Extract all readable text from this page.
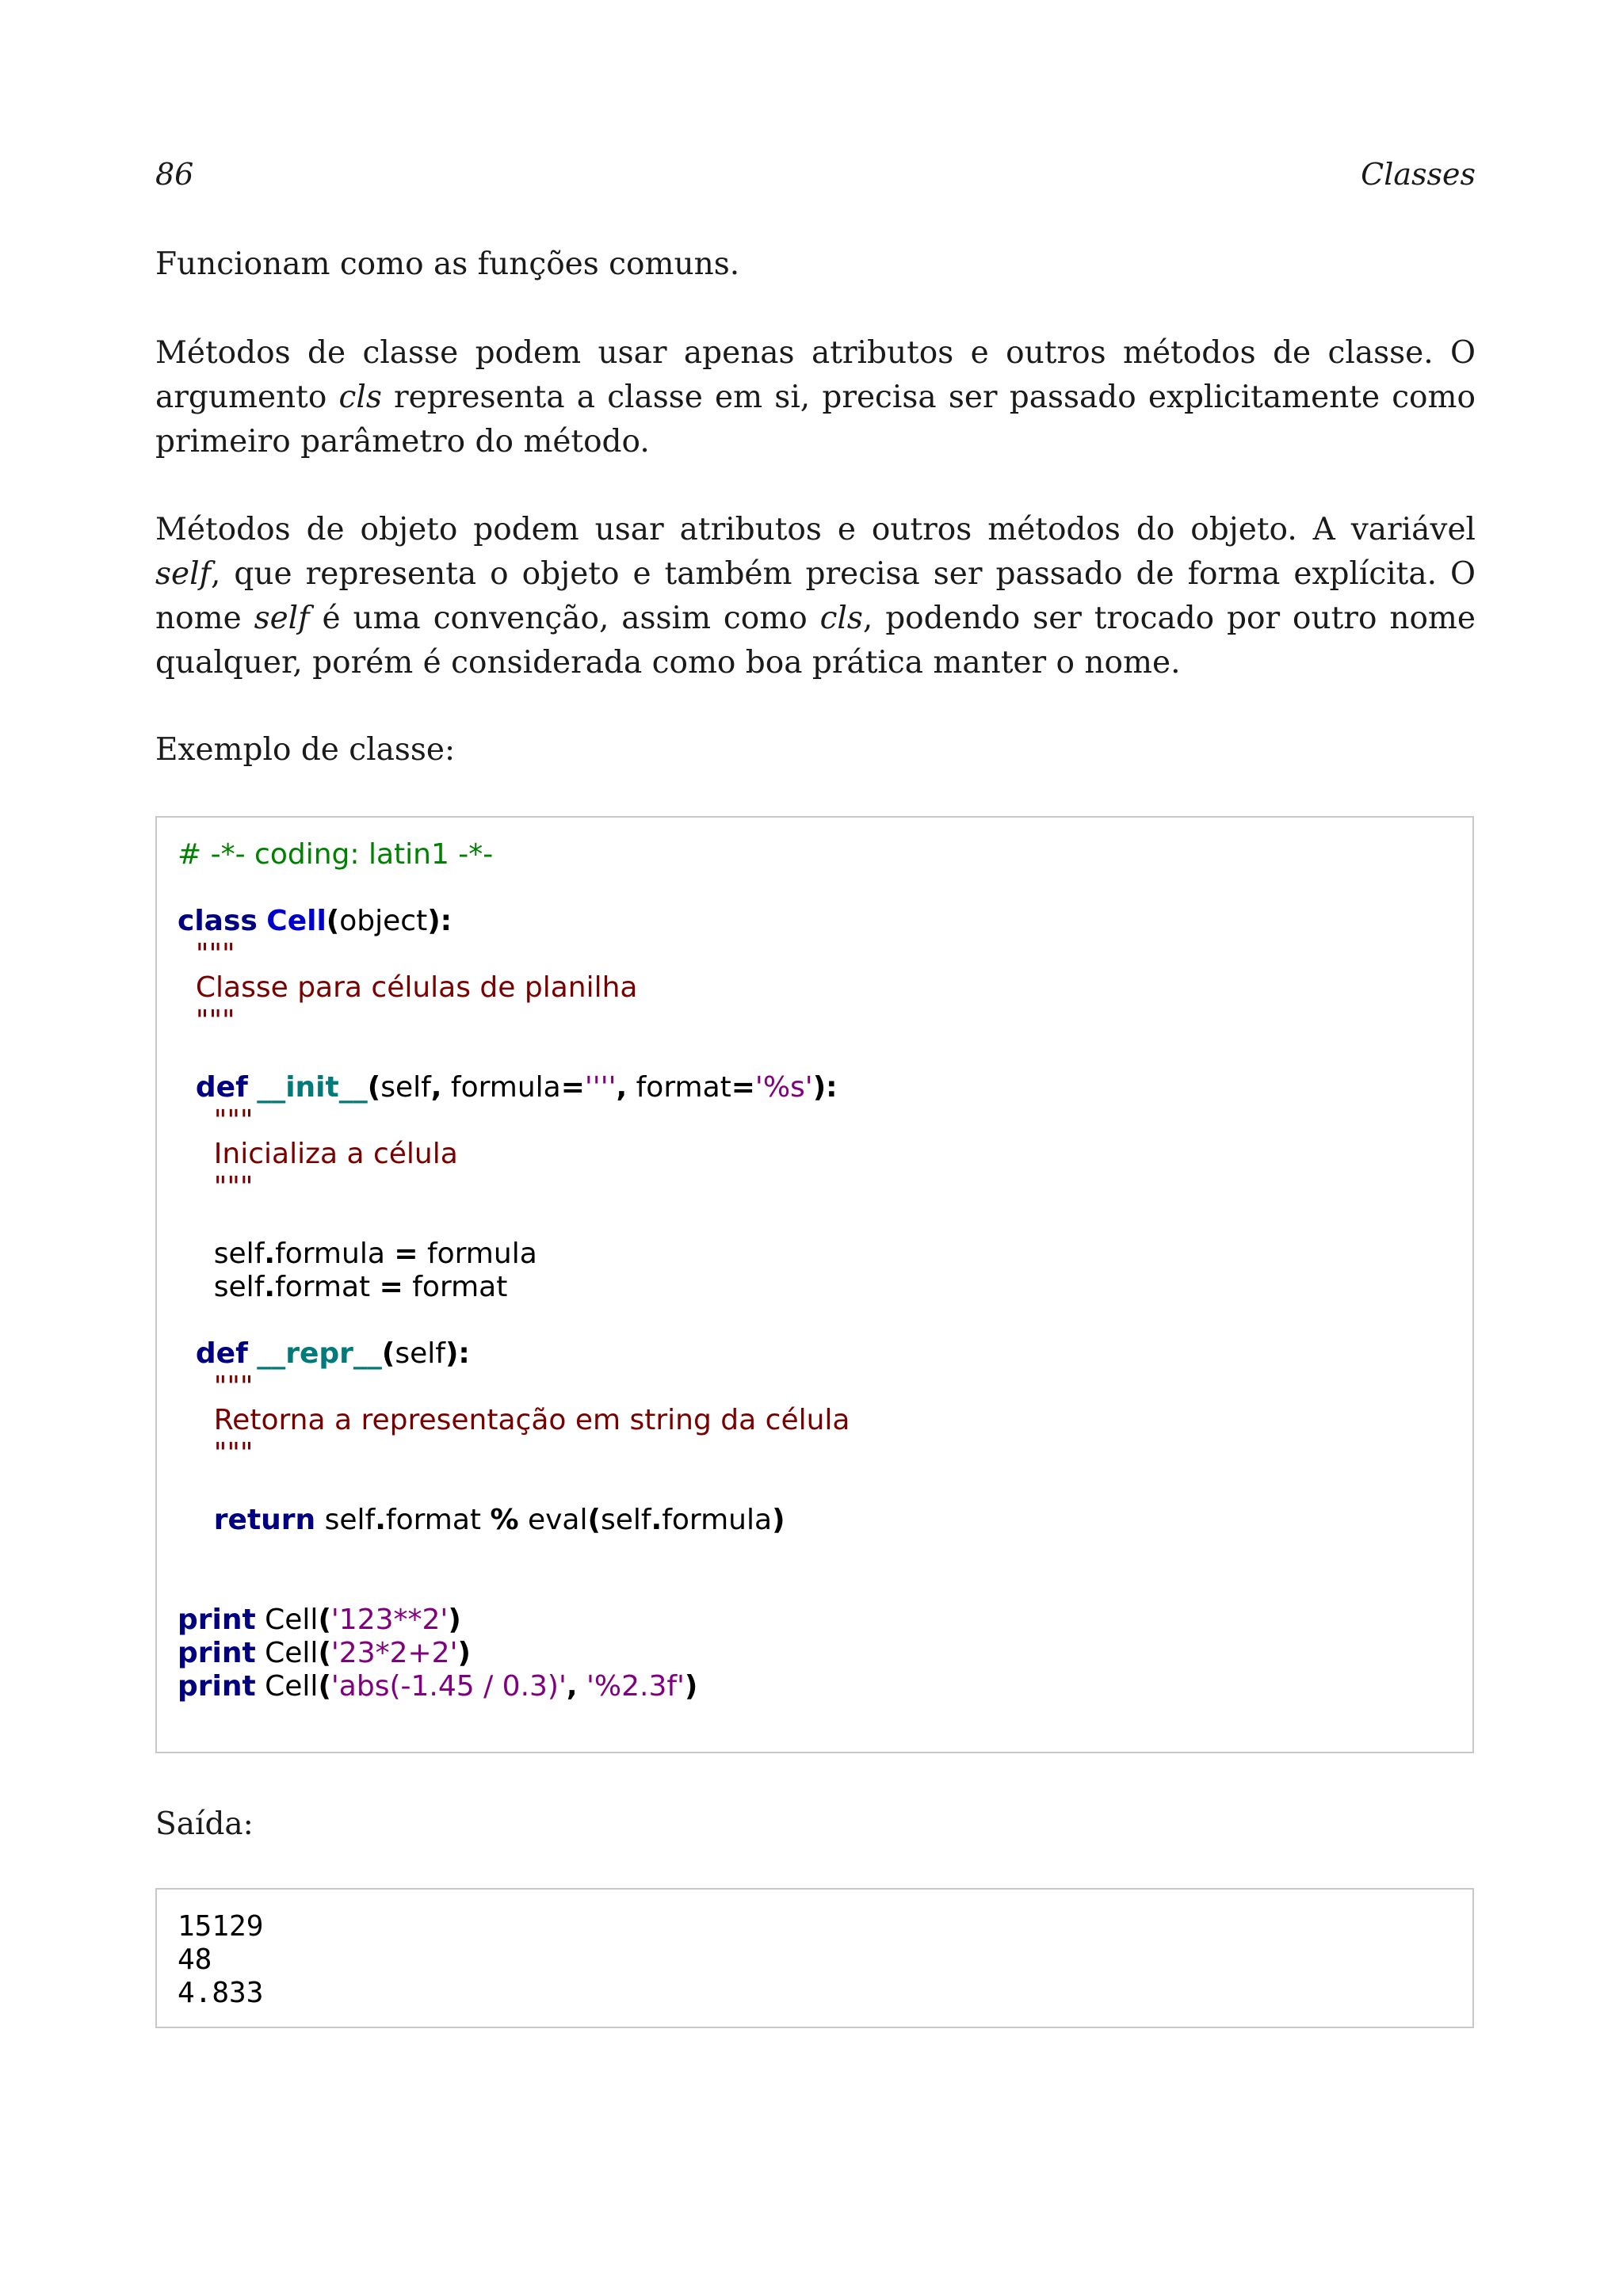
86	Classes

Funcionam como as funções comuns.

Métodos de classe podem usar apenas atributos e outros métodos de classe. O argumento cls representa a classe em si, precisa ser passado explicitamente como primeiro parâmetro do método.

Métodos de objeto podem usar atributos e outros métodos do objeto. A variável self, que representa o objeto e também precisa ser passado de forma explícita. O nome self é uma convenção, assim como cls, podendo ser trocado por outro nome qualquer, porém é considerada como boa prática manter o nome.

Exemplo de classe:

# -*- coding: latin1 -*-
class Cell(object):
"""
Classe para células de planilha
"""
def __init__(self, formula='''', format='%s'):
"""
Inicializa a célula
"""
self.formula = formula
self.format = format
def __repr__(self):
"""
Retorna a representação em string da célula
"""
return self.format % eval(self.formula)
print Cell('123**2')
print Cell('23*2+2')
print Cell('abs(-1.45 / 0.3)', '%2.3f')

Saída:

15129
48
4.833
